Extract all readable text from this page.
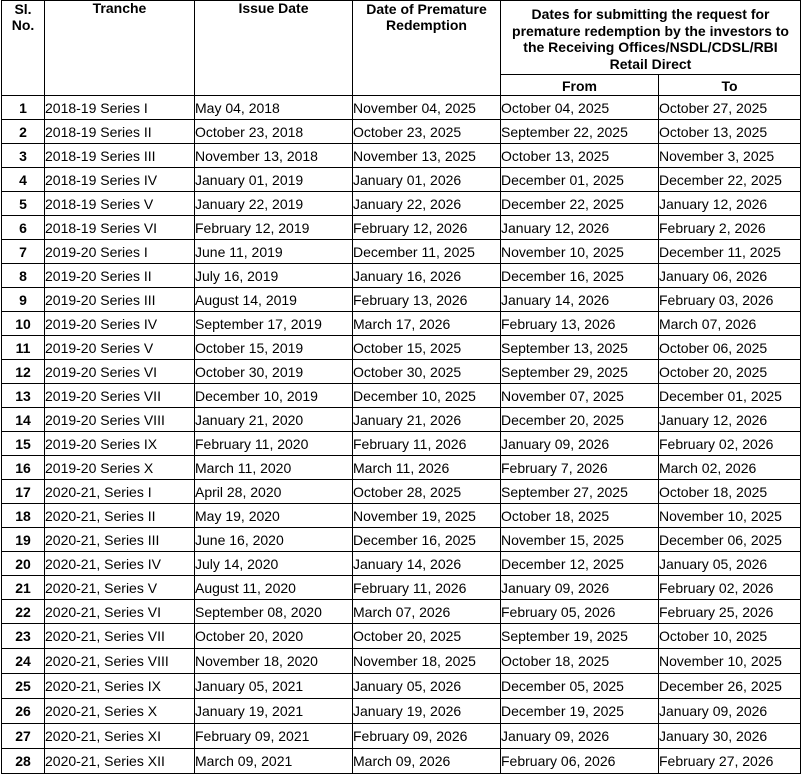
Sl. No.	Tranche	Issue Date	Date of Premature Redemption	Dates for submitting the request for premature redemption by the investors to the Receiving Offices/NSDL/CDSL/RBI Retail Direct	
				From	To
1	2018-19 Series I	May 04, 2018	November 04, 2025	October 04, 2025	October 27, 2025
2	2018-19 Series II	October 23, 2018	October 23, 2025	September 22, 2025	October 13, 2025
3	2018-19 Series III	November 13, 2018	November 13, 2025	October 13, 2025	November 3, 2025
4	2018-19 Series IV	January 01, 2019	January 01, 2026	December 01, 2025	December 22, 2025
5	2018-19 Series V	January 22, 2019	January 22, 2026	December 22, 2025	January 12, 2026
6	2018-19 Series VI	February 12, 2019	February 12, 2026	January 12, 2026	February 2, 2026
7	2019-20 Series I	June 11, 2019	December 11, 2025	November 10, 2025	December 11, 2025
8	2019-20 Series II	July 16, 2019	January 16, 2026	December 16, 2025	January 06, 2026
9	2019-20 Series III	August 14, 2019	February 13, 2026	January 14, 2026	February 03, 2026
10	2019-20 Series IV	September 17, 2019	March 17, 2026	February 13, 2026	March 07, 2026
11	2019-20 Series V	October 15, 2019	October 15, 2025	September 13, 2025	October 06, 2025
12	2019-20 Series VI	October 30, 2019	October 30, 2025	September 29, 2025	October 20, 2025
13	2019-20 Series VII	December 10, 2019	December 10, 2025	November 07, 2025	December 01, 2025
14	2019-20 Series VIII	January 21, 2020	January 21, 2026	December 20, 2025	January 12, 2026
15	2019-20 Series IX	February 11, 2020	February 11, 2026	January 09, 2026	February 02, 2026
16	2019-20 Series X	March 11, 2020	March 11, 2026	February 7, 2026	March 02, 2026
17	2020-21, Series I	April 28, 2020	October 28, 2025	September 27, 2025	October 18, 2025
18	2020-21, Series II	May 19, 2020	November 19, 2025	October 18, 2025	November 10, 2025
19	2020-21, Series III	June 16, 2020	December 16, 2025	November 15, 2025	December 06, 2025
20	2020-21, Series IV	July 14, 2020	January 14, 2026	December 12, 2025	January 05, 2026
21	2020-21, Series V	August 11, 2020	February 11, 2026	January 09, 2026	February 02, 2026
22	2020-21, Series VI	September 08, 2020	March 07, 2026	February 05, 2026	February 25, 2026
23	2020-21, Series VII	October 20, 2020	October 20, 2025	September 19, 2025	October 10, 2025
24	2020-21, Series VIII	November 18, 2020	November 18, 2025	October 18, 2025	November 10, 2025
25	2020-21, Series IX	January 05, 2021	January 05, 2026	December 05, 2025	December 26, 2025
26	2020-21, Series X	January 19, 2021	January 19, 2026	December 19, 2025	January 09, 2026
27	2020-21, Series XI	February 09, 2021	February 09, 2026	January 09, 2026	January 30, 2026
28	2020-21, Series XII	March 09, 2021	March 09, 2026	February 06, 2026	February 27, 2026
